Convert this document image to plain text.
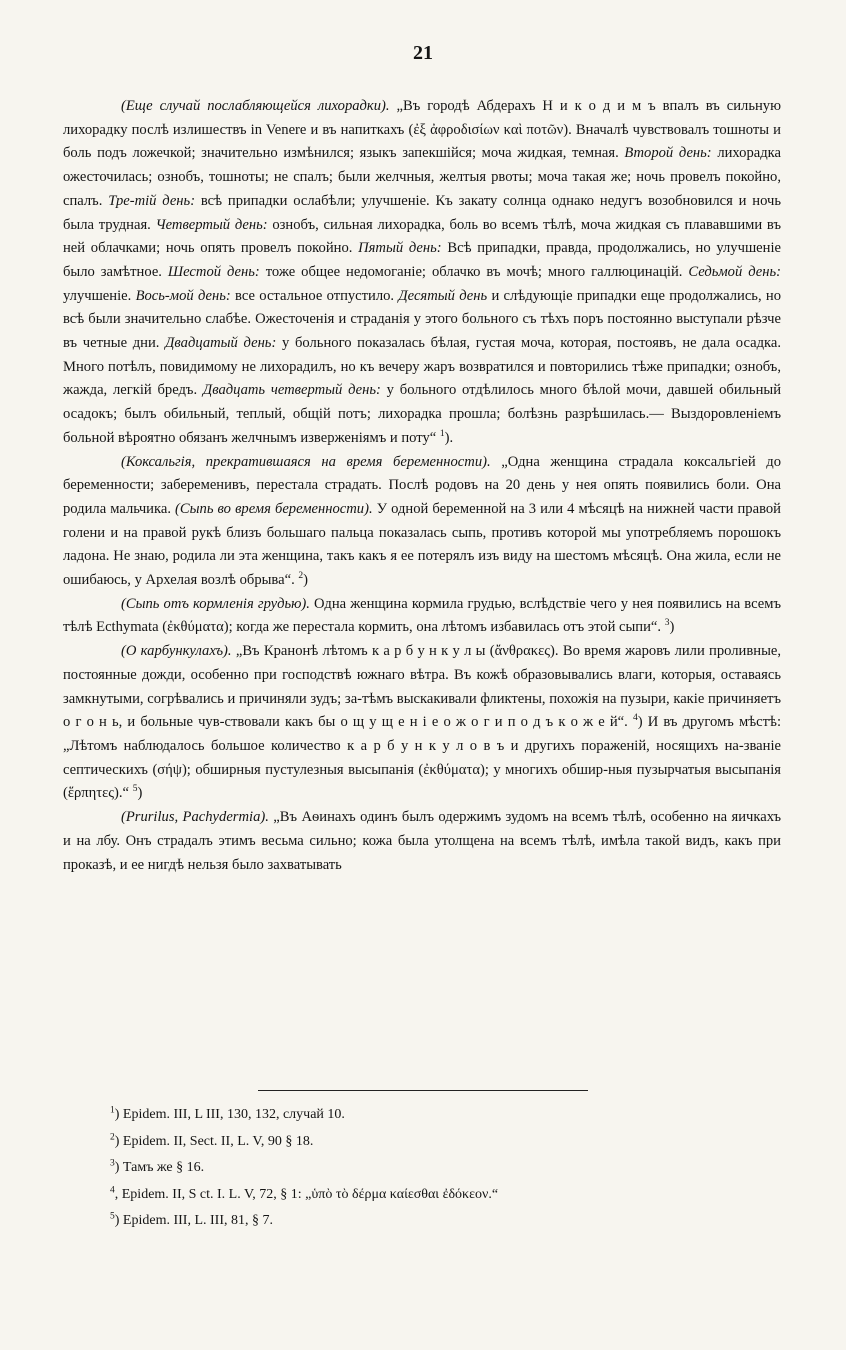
21

(Еще случай послабляющейся лихорадки). „Въ городѣ Абдерахъ Н и к о д и м ъ впалъ въ сильную лихорадку послѣ излишествъ in Venere и въ напиткахъ (ἐξ ἀφροδισίων καὶ ποτῶν). Вначалѣ чувствовалъ тошноты и боль подъ ложечкой; значительно измѣнился; языкъ запекшійся; моча жидкая, темная. Второй день: лихорадка ожесточилась; ознобъ, тошноты; не спалъ; были желчныя, желтыя рвоты; моча такая же; ночь провелъ покойно, спалъ. Тре-тій день: всѣ припадки ослабѣли; улучшеніе. Къ закату солнца однако недугъ возобновился и ночь была трудная. Четвертый день: ознобъ, сильная лихорадка, боль во всемъ тѣлѣ, моча жидкая съ плававшими въ ней облачками; ночь опять провелъ покойно. Пятый день: Всѣ припадки, правда, продолжались, но улучшеніе было замѣтное. Шестой день: тоже общее недомоганіе; облачко въ мочѣ; много галлюцинацій. Седьмой день: улучшеніе. Вось-мой день: все остальное отпустило. Десятый день и слѣдующіе припадки еще продолжались, но всѣ были значительно слабѣе. Ожесточенія и страданія у этого больного съ тѣхъ поръ постоянно выступали рѣзче въ четные дни. Двадцатый день: у больного показалась бѣлая, густая моча, которая, постоявъ, не дала осадка. Много потѣлъ, повидимому не лихорадилъ, но къ вечеру жаръ возвратился и повторились тѣже припадки; ознобъ, жажда, легкій бредъ. Двадцать четвертый день: у больного отдѣлилось много бѣлой мочи, давшей обильный осадокъ; былъ обильный, теплый, общій потъ; лихорадка прошла; болѣзнь разрѣшилась.— Выздоровленіемъ больной вѣроятно обязанъ желчнымъ изверженіямъ и поту“ $^1$).

(Коксальгія, прекратившаяся на время беременности). „Одна женщина страдала коксальгіей до беременности; забеременивъ, перестала страдать. Послѣ родовъ на 20 день у нея опять появились боли. Она родила мальчика. (Сыпь во время беременности). У одной беременной на 3 или 4 мѣсяцѣ на нижней части правой голени и на правой рукѣ близъ большаго пальца показалась сыпь, противъ которой мы употребляемъ порошокъ ладона. Не знаю, родила ли эта женщина, такъ какъ я ее потерялъ изъ виду на шестомъ мѣсяцѣ. Она жила, если не ошибаюсь, у Архелая возлѣ обрыва“. $^2$)

(Сыпь отъ кормленія грудью). Одна женщина кормила грудью, вслѣдствіе чего у нея появились на всемъ тѣлѣ Ecthymata (ἐκθύματα); когда же перестала кормить, она лѣтомъ избавилась отъ этой сыпи“. $^3$)

(О карбункулахъ). „Въ Кранонѣ лѣтомъ к а р б у н к у л ы (ἄνθρακες). Во время жаровъ лили проливные, постоянные дожди, особенно при господствѣ южнаго вѣтра. Въ кожѣ образовывались влаги, которыя, оставаясь замкнутыми, согрѣвались и причиняли зудъ; за-тѣмъ выскакивали фликтены, похожія на пузыри, какіе причиняетъ о г о н ь, и больные чув-ствовали какъ бы о щ у щ е н і е о ж о г и п о д ъ к о ж е й“. $^4$) И въ другомъ мѣстѣ: „Лѣтомъ наблюдалось большое количество к а р б у н к у л о в ъ и другихъ пораженій, носящихъ на-званіе септическихъ (σήψ); обширныя пустулезныя высыпанія (ἐκθύματα); у многихъ обшир-ныя пузырчатыя высыпанія (ἕρπητες).“ $^5$)

(Prurilus, Pachydermia). „Въ Аѳинахъ одинъ былъ одержимъ зудомъ на всемъ тѣлѣ, особенно на яичкахъ и на лбу. Онъ страдалъ этимъ весьма сильно; кожа была утолщена на всемъ тѣлѣ, имѣла такой видъ, какъ при проказѣ, и ее нигдѣ нельзя было захватывать

$^1$) Epidem. III, L III, 130, 132, случай 10.
$^2$) Epidem. II, Sect. II, L. V, 90 § 18.
$^3$) Тамъ же § 16.
$^4$, Epidem. II, S ct. I. L. V, 72, § 1: „ὑπὸ τὸ δέρμα καίεσθαι ἐδόκεον.“
$^5$) Epidem. III, L. III, 81, § 7.
